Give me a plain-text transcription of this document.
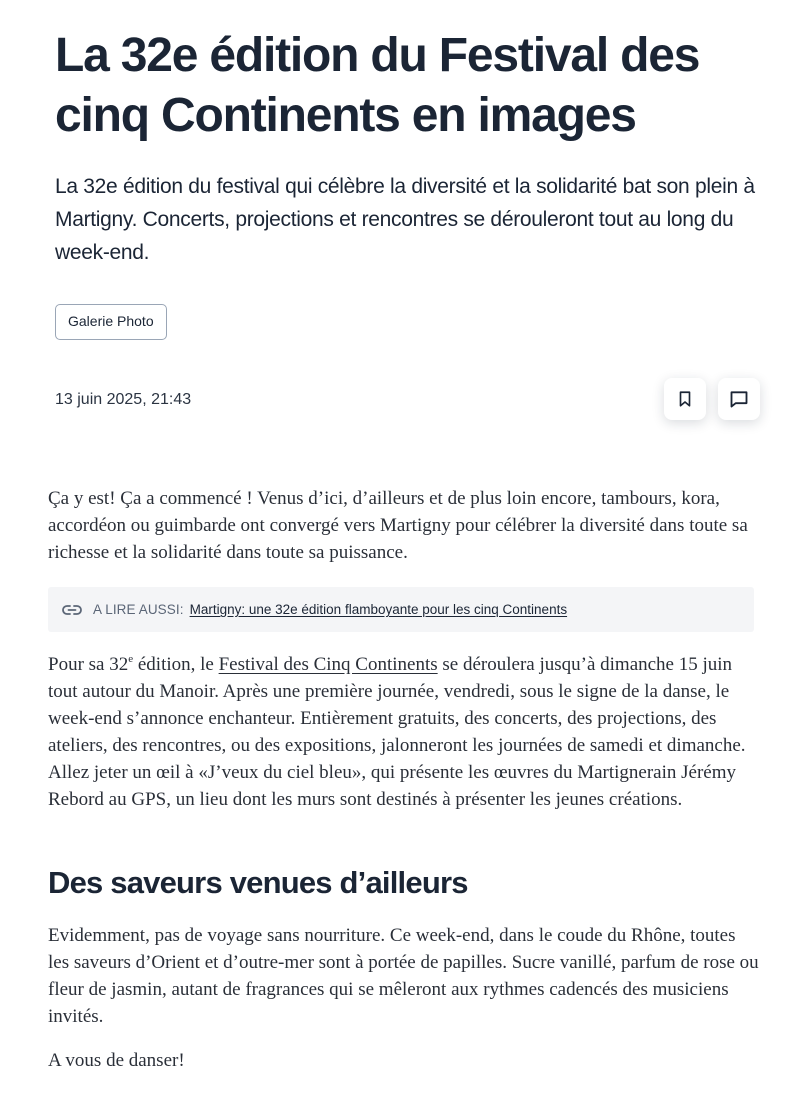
La 32e édition du Festival des cinq Continents en images

La 32e édition du festival qui célèbre la diversité et la solidarité bat son plein à Martigny. Concerts, projections et rencontres se dérouleront tout au long du week-end.

Galerie Photo
13 juin 2025, 21:43

Ça y est! Ça a commencé ! Venus d’ici, d’ailleurs et de plus loin encore, tambours, kora, accordéon ou guimbarde ont convergé vers Martigny pour célébrer la diversité dans toute sa richesse et la solidarité dans toute sa puissance.

A LIRE AUSSI: Martigny: une 32e édition flamboyante pour les cinq Continents

Pour sa 32e édition, le Festival des Cinq Continents se déroulera jusqu’à dimanche 15 juin tout autour du Manoir. Après une première journée, vendredi, sous le signe de la danse, le week-end s’annonce enchanteur. Entièrement gratuits, des concerts, des projections, des ateliers, des rencontres, ou des expositions, jalonneront les journées de samedi et dimanche. Allez jeter un œil à «J’veux du ciel bleu», qui présente les œuvres du Martignerain Jérémy Rebord au GPS, un lieu dont les murs sont destinés à présenter les jeunes créations.

Des saveurs venues d’ailleurs

Evidemment, pas de voyage sans nourriture. Ce week-end, dans le coude du Rhône, toutes les saveurs d’Orient et d’outre-mer sont à portée de papilles. Sucre vanillé, parfum de rose ou fleur de jasmin, autant de fragrances qui se mêleront aux rythmes cadencés des musiciens invités.

A vous de danser!
